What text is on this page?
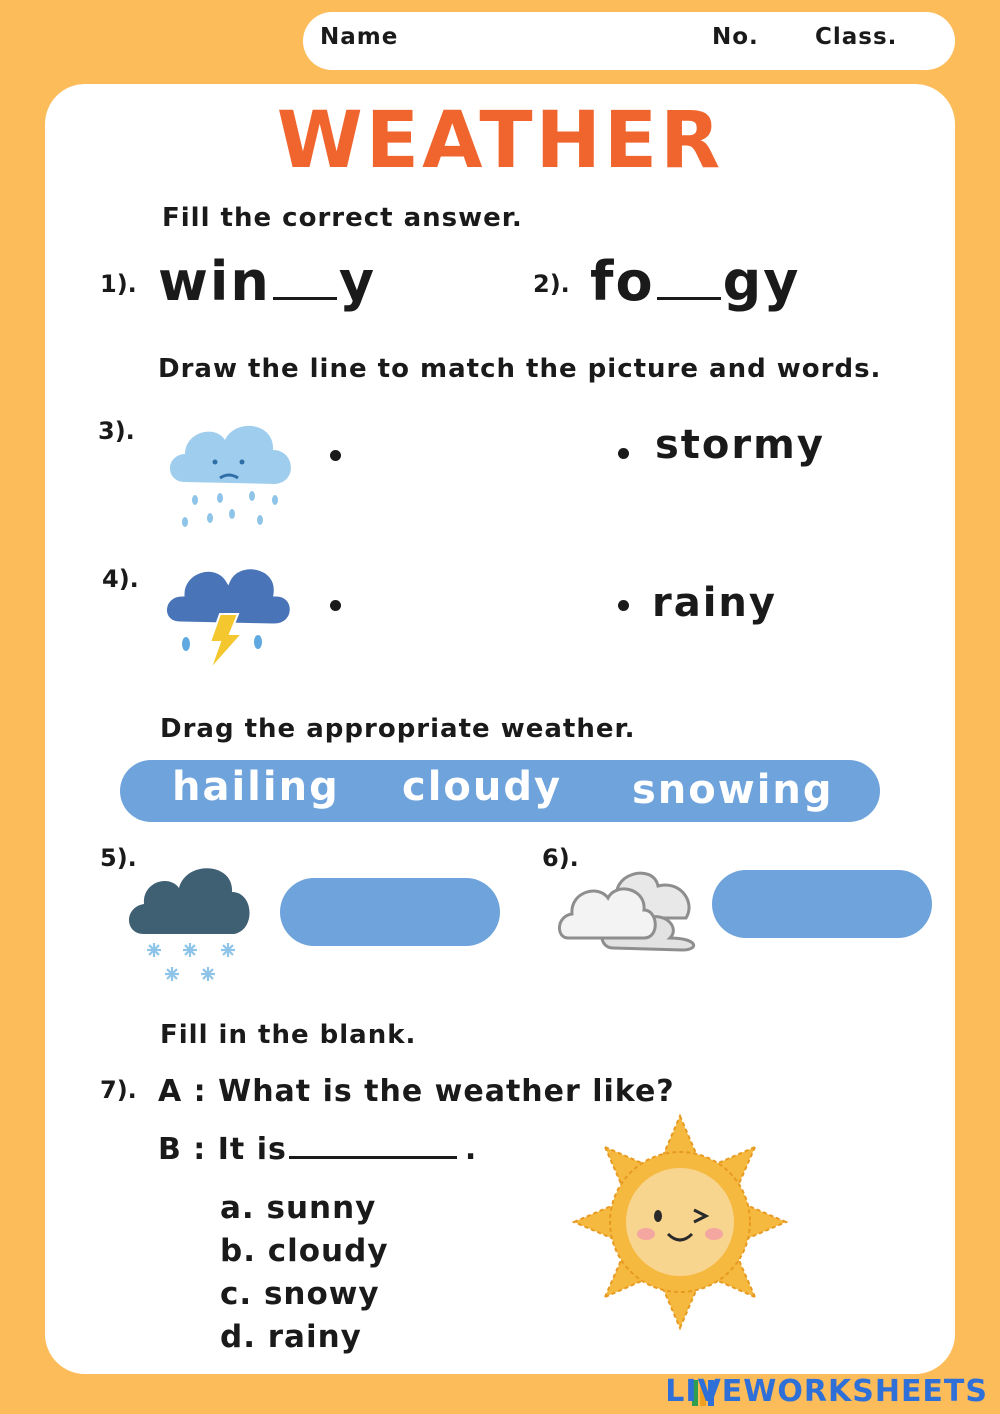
Name	No. Class.
WEATHER
Fill the correct answer.
1). win y	2). fo gy
Draw the line to match the picture and words.
3).	stormy
4).
rainy
Drag the appropriate weather.
hailing cloudy snowing
5).	6).
Fill in the blank.
7). A : What is the weather like?
B : It is	.
a. sunny
b. cloudy
c. snowy
d. rainy
LIVEWORKSHEETS
